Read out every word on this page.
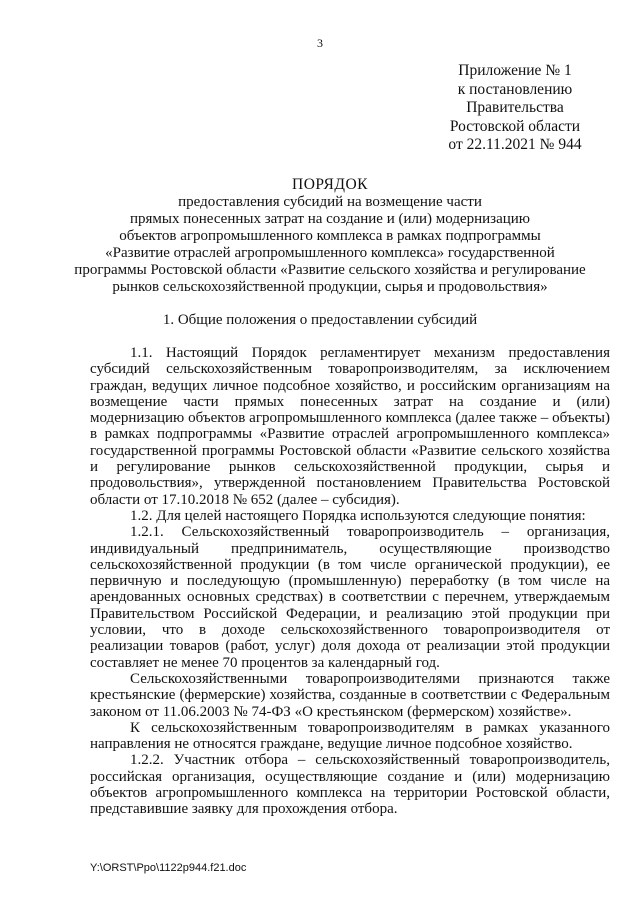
3
Приложение № 1
к постановлению
Правительства
Ростовской области
от 22.11.2021 № 944
ПОРЯДОК
предоставления субсидий на возмещение части
прямых понесенных затрат на создание и (или) модернизацию
объектов агропромышленного комплекса в рамках подпрограммы
«Развитие отраслей агропромышленного комплекса» государственной
программы Ростовской области «Развитие сельского хозяйства и регулирование
рынков сельскохозяйственной продукции, сырья и продовольствия»
1. Общие положения о предоставлении субсидий

1.1. Настоящий Порядок регламентирует механизм предоставления субсидий сельскохозяйственным товаропроизводителям, за исключением граждан, ведущих личное подсобное хозяйство, и российским организациям на возмещение части прямых понесенных затрат на создание и (или) модернизацию объектов агропромышленного комплекса (далее также – объекты) в рамках подпрограммы «Развитие отраслей агропромышленного комплекса» государственной программы Ростовской области «Развитие сельского хозяйства и регулирование рынков сельскохозяйственной продукции, сырья и продовольствия», утвержденной постановлением Правительства Ростовской области от 17.10.2018 № 652 (далее – субсидия).

1.2. Для целей настоящего Порядка используются следующие понятия:

1.2.1. Сельскохозяйственный товаропроизводитель – организация, индивидуальный предприниматель, осуществляющие производство сельскохозяйственной продукции (в том числе органической продукции), ее первичную и последующую (промышленную) переработку (в том числе на арендованных основных средствах) в соответствии с перечнем, утверждаемым Правительством Российской Федерации, и реализацию этой продукции при условии, что в доходе сельскохозяйственного товаропроизводителя от реализации товаров (работ, услуг) доля дохода от реализации этой продукции составляет не менее 70 процентов за календарный год.

Сельскохозяйственными товаропроизводителями признаются также крестьянские (фермерские) хозяйства, созданные в соответствии с Федеральным законом от 11.06.2003 № 74-ФЗ «О крестьянском (фермерском) хозяйстве».

К сельскохозяйственным товаропроизводителям в рамках указанного направления не относятся граждане, ведущие личное подсобное хозяйство.

1.2.2. Участник отбора – сельскохозяйственный товаропроизводитель, российская организация, осуществляющие создание и (или) модернизацию объектов агропромышленного комплекса на территории Ростовской области, представившие заявку для прохождения отбора.

Y:\ORST\Ppo\1122p944.f21.doc
